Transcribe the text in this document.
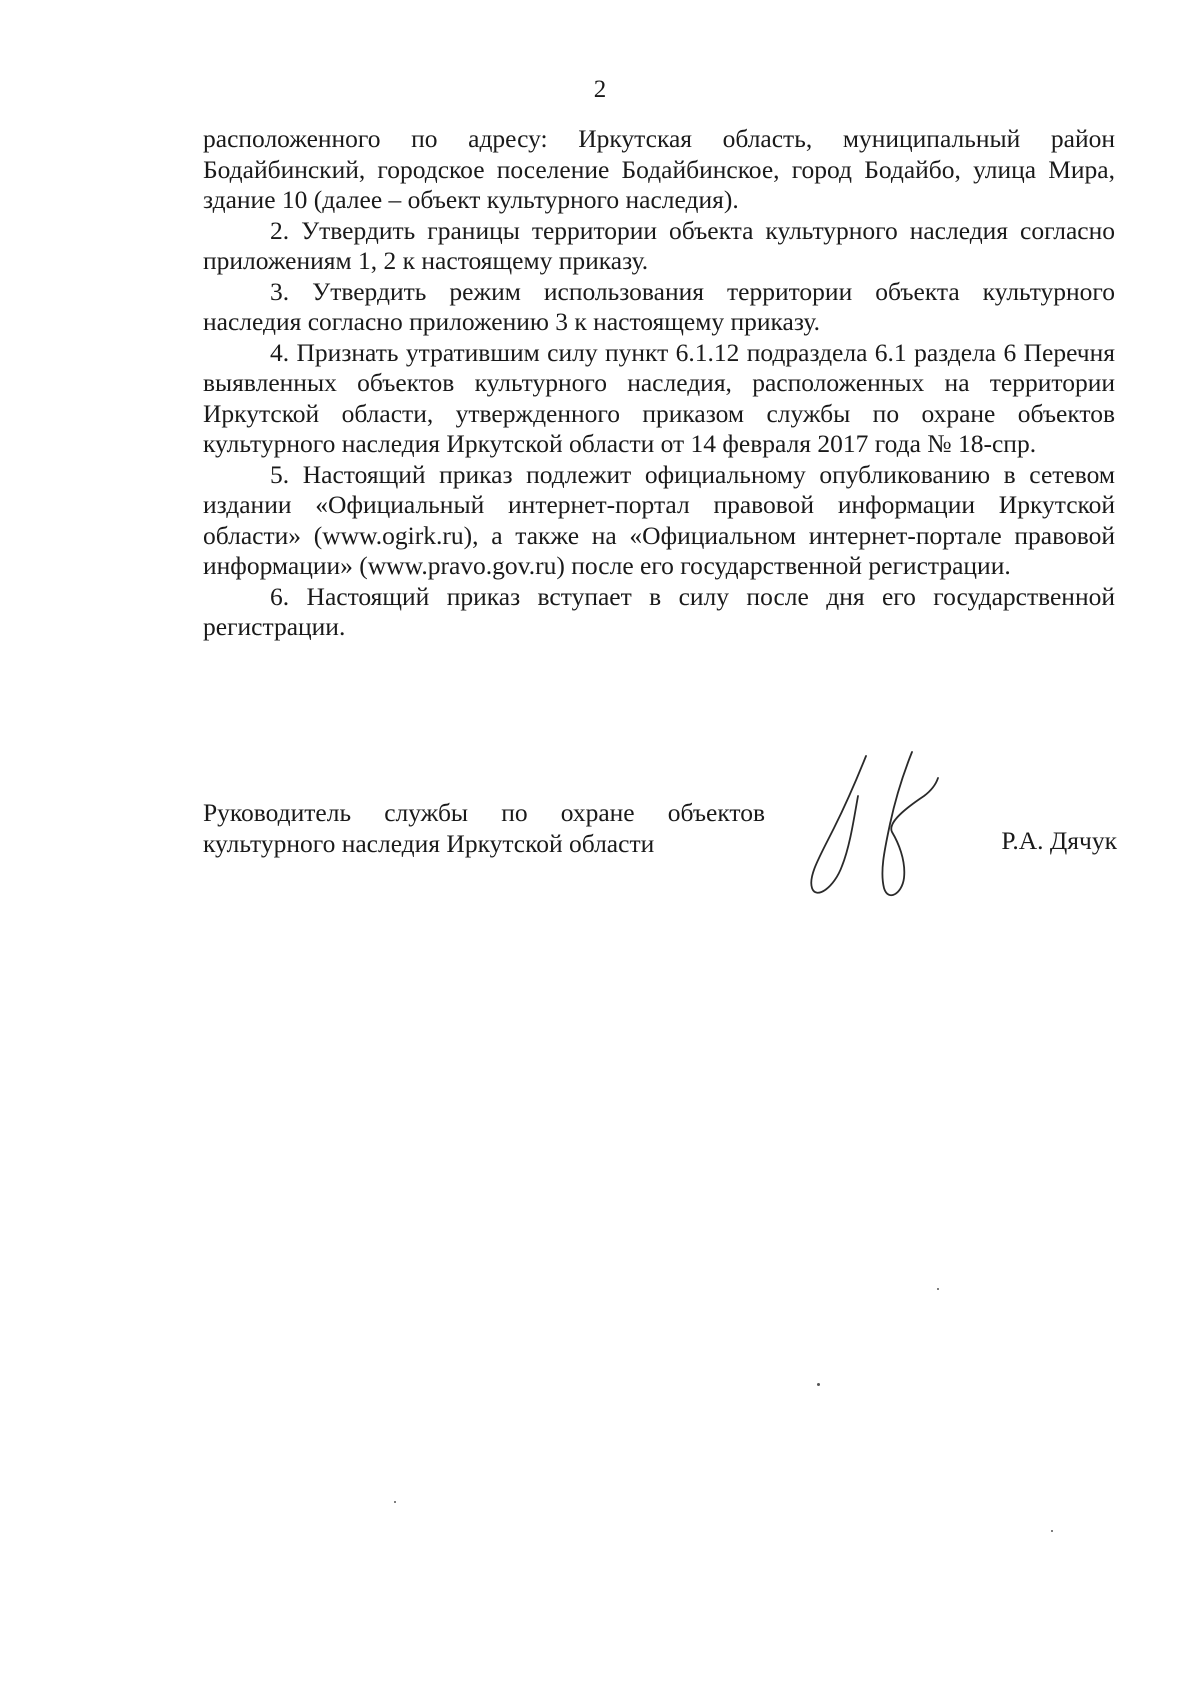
2

расположенного по адресу: Иркутская область, муниципальный район Бодайбинский, городское поселение Бодайбинское, город Бодайбо, улица Мира, здание 10 (далее – объект культурного наследия).

2. Утвердить границы территории объекта культурного наследия согласно приложениям 1, 2 к настоящему приказу.

3. Утвердить режим использования территории объекта культурного наследия согласно приложению 3 к настоящему приказу.

4. Признать утратившим силу пункт 6.1.12 подраздела 6.1 раздела 6 Перечня выявленных объектов культурного наследия, расположенных на территории Иркутской области, утвержденного приказом службы по охране объектов культурного наследия Иркутской области от 14 февраля 2017 года № 18-спр.

5. Настоящий приказ подлежит официальному опубликованию в сетевом издании «Официальный интернет-портал правовой информации Иркутской области» (www.ogirk.ru), а также на «Официальном интернет-портале правовой информации» (www.pravo.gov.ru) после его государственной регистрации.

6. Настоящий приказ вступает в силу после дня его государственной регистрации.

Руководитель службы по охране объектов
культурного наследия Иркутской области	Р.А. Дячук
